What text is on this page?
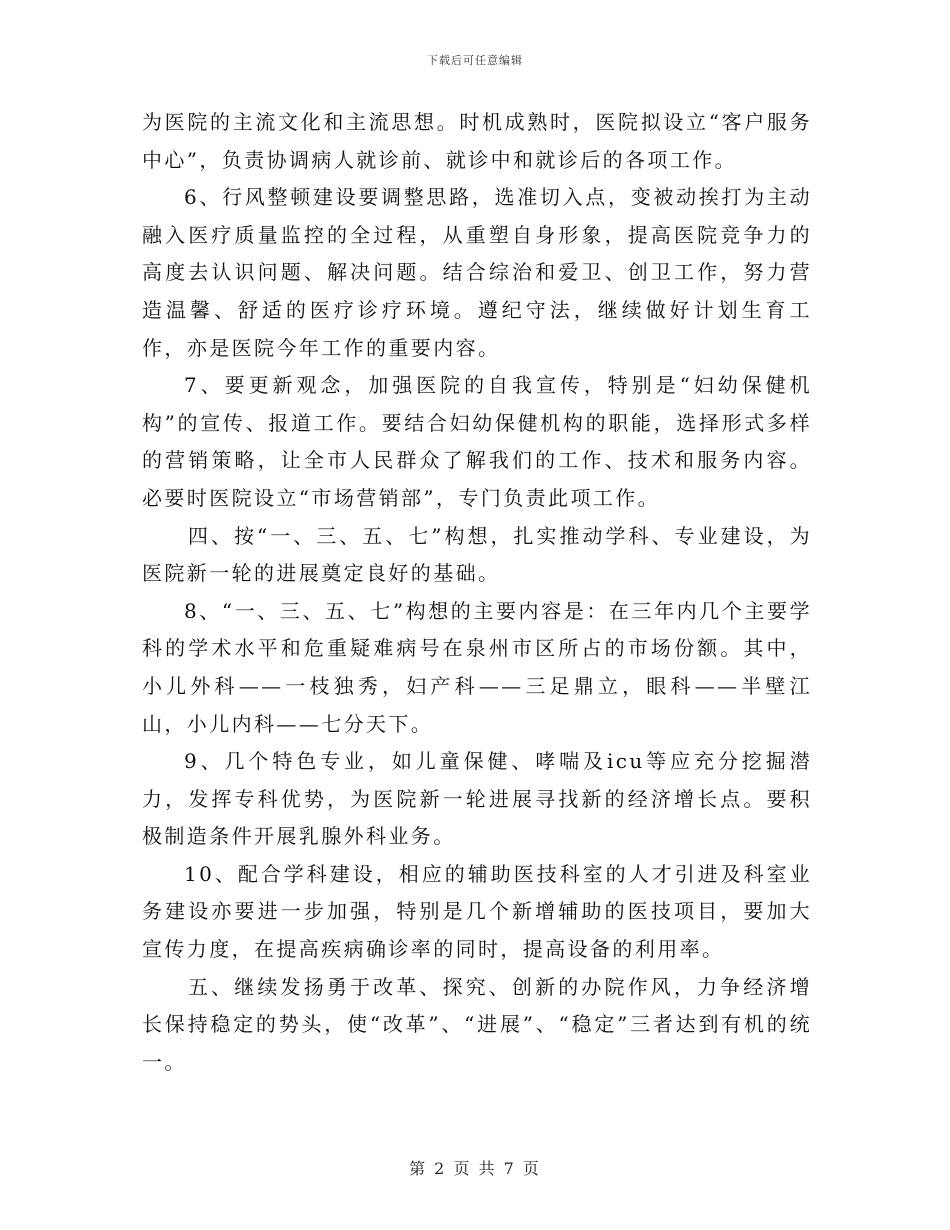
下载后可任意编辑

为医院的主流文化和主流思想。时机成熟时，医院拟设立“客户服务中心”，负责协调病人就诊前、就诊中和就诊后的各项工作。

6、行风整顿建设要调整思路，选准切入点，变被动挨打为主动融入医疗质量监控的全过程，从重塑自身形象，提高医院竞争力的高度去认识问题、解决问题。结合综治和爱卫、创卫工作，努力营造温馨、舒适的医疗诊疗环境。遵纪守法，继续做好计划生育工作，亦是医院今年工作的重要内容。

7、要更新观念，加强医院的自我宣传，特别是“妇幼保健机构”的宣传、报道工作。要结合妇幼保健机构的职能，选择形式多样的营销策略，让全市人民群众了解我们的工作、技术和服务内容。必要时医院设立“市场营销部”，专门负责此项工作。

四、按“一、三、五、七”构想，扎实推动学科、专业建设，为医院新一轮的进展奠定良好的基础。

8、“一、三、五、七”构想的主要内容是：在三年内几个主要学科的学术水平和危重疑难病号在泉州市区所占的市场份额。其中，小儿外科——一枝独秀，妇产科——三足鼎立，眼科——半壁江山，小儿内科——七分天下。

9、几个特色专业，如儿童保健、哮喘及icu等应充分挖掘潜力，发挥专科优势，为医院新一轮进展寻找新的经济增长点。要积极制造条件开展乳腺外科业务。

10、配合学科建设，相应的辅助医技科室的人才引进及科室业务建设亦要进一步加强，特别是几个新增辅助的医技项目，要加大宣传力度，在提高疾病确诊率的同时，提高设备的利用率。

五、继续发扬勇于改革、探究、创新的办院作风，力争经济增长保持稳定的势头，使“改革”、“进展”、“稳定”三者达到有机的统一。

第 2 页 共 7 页
